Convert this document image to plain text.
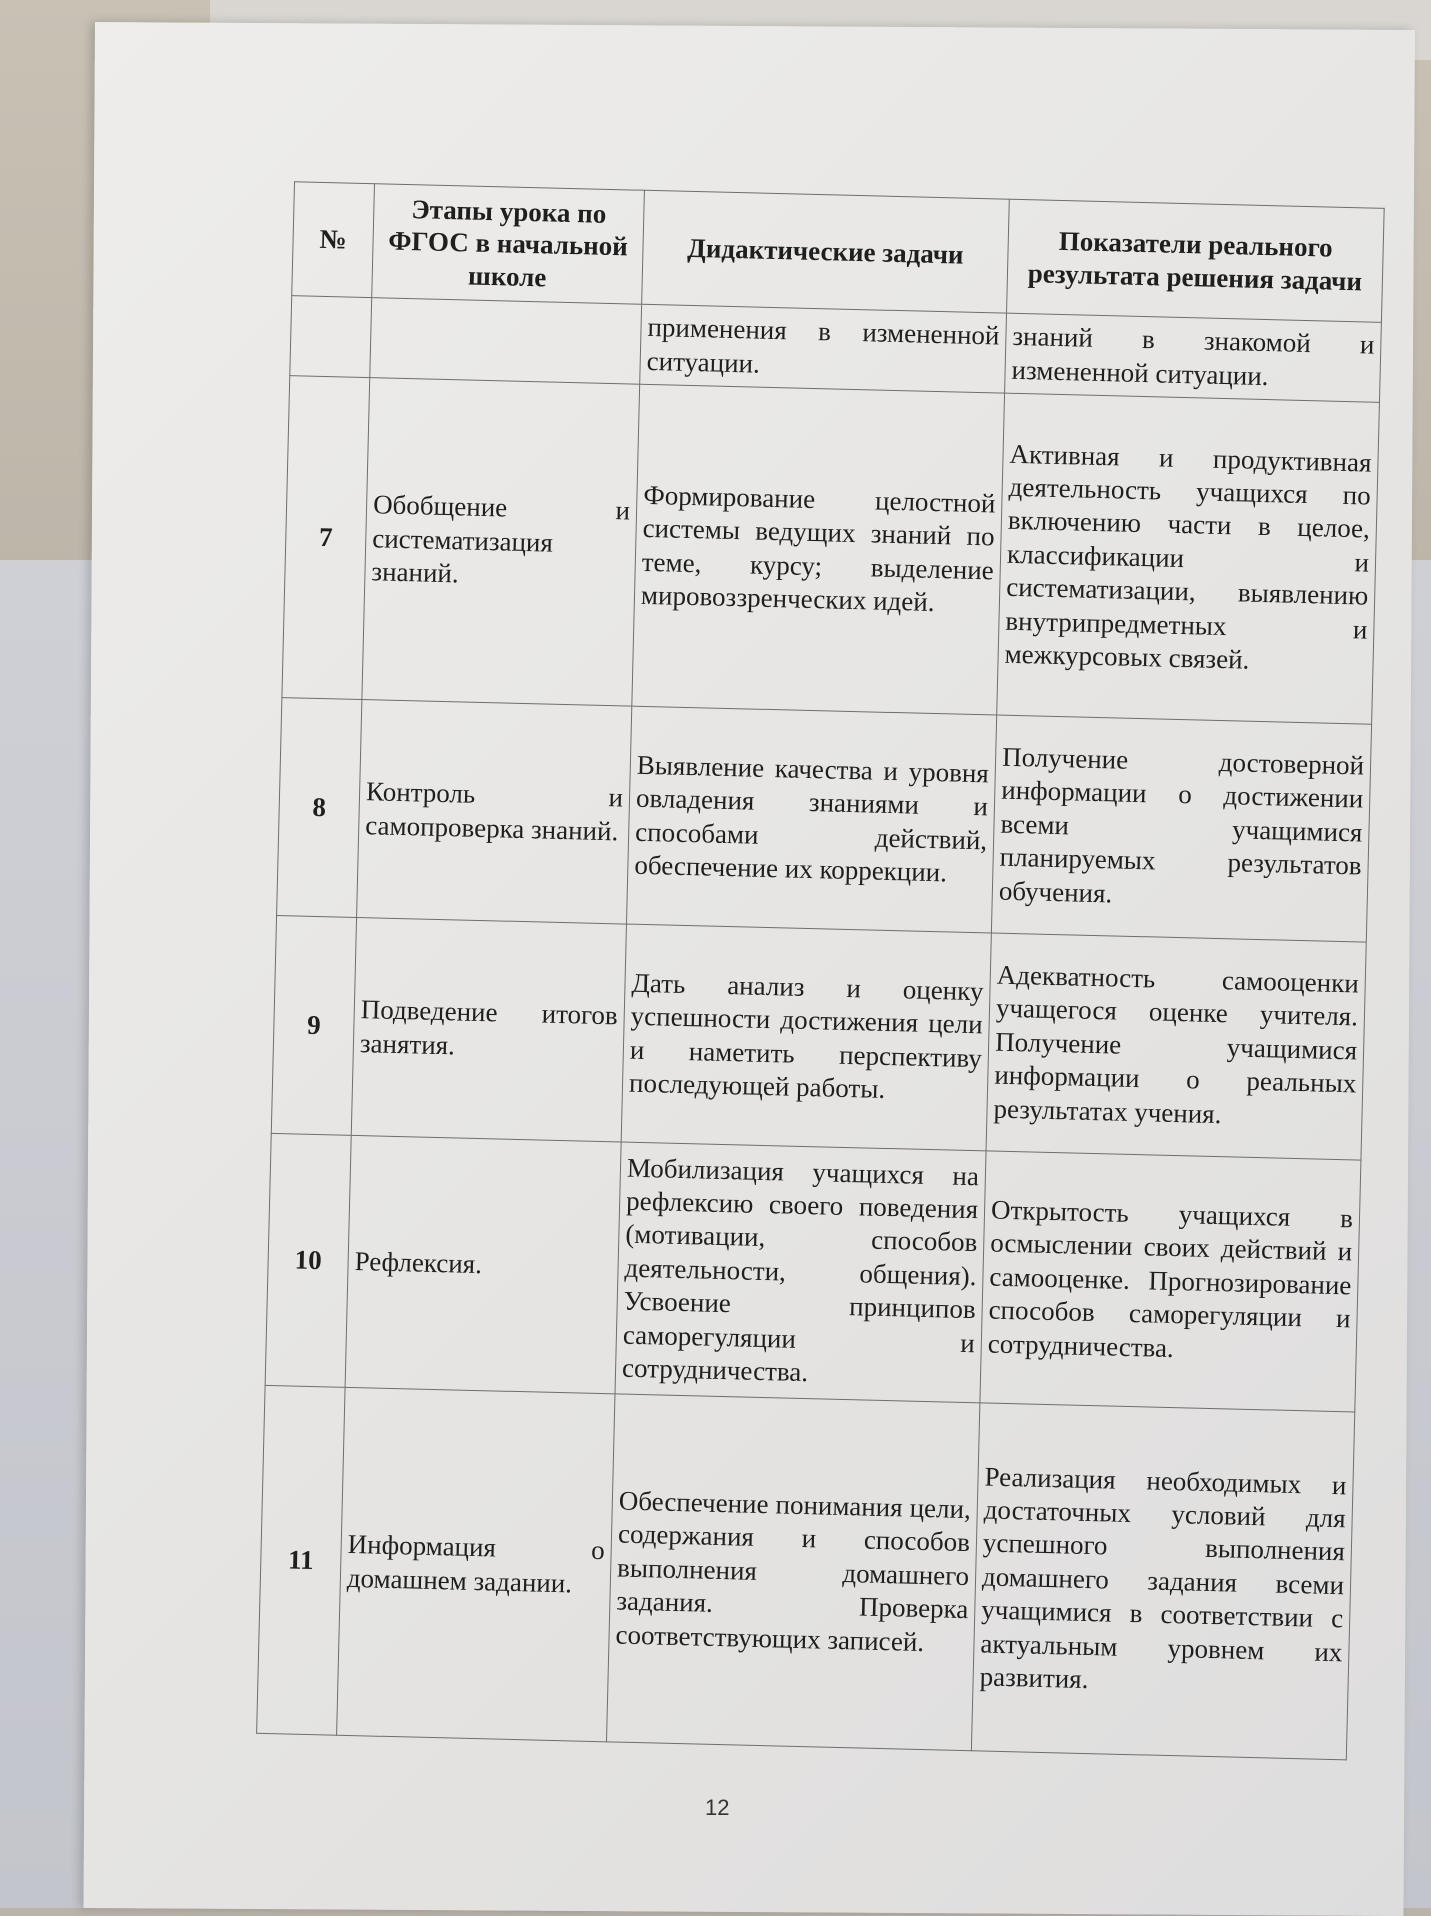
№	Этапы урока по ФГОС в начальной школе	Дидактические задачи	Показатели реального результата решения задачи
		применения в измененной ситуации.	знаний в знакомой и измененной ситуации.
7	Обобщение и систематизация знаний.	Формирование целостной системы ведущих знаний по теме, курсу; выделение мировоззренческих идей.	Активная и продуктивная деятельность учащихся по включению части в целое, классификации и систематизации, выявлению внутрипредметных и межкурсовых связей.
8	Контроль и самопроверка знаний.	Выявление качества и уровня овладения знаниями и способами действий, обеспечение их коррекции.	Получение достоверной информации о достижении всеми учащимися планируемых результатов обучения.
9	Подведение итогов занятия.	Дать анализ и оценку успешности достижения цели и наметить перспективу последующей работы.	Адекватность самооценки учащегося оценке учителя. Получение учащимися информации о реальных результатах учения.
10	Рефлексия.	Мобилизация учащихся на рефлексию своего поведения (мотивации, способов деятельности, общения). Усвоение принципов саморегуляции и сотрудничества.	Открытость учащихся в осмыслении своих действий и самооценке. Прогнозирование способов саморегуляции и сотрудничества.
11	Информация о домашнем задании.	Обеспечение понимания цели, содержания и способов выполнения домашнего задания. Проверка соответствующих записей.	Реализация необходимых и достаточных условий для успешного выполнения домашнего задания всеми учащимися в соответствии с актуальным уровнем их развития.
12
